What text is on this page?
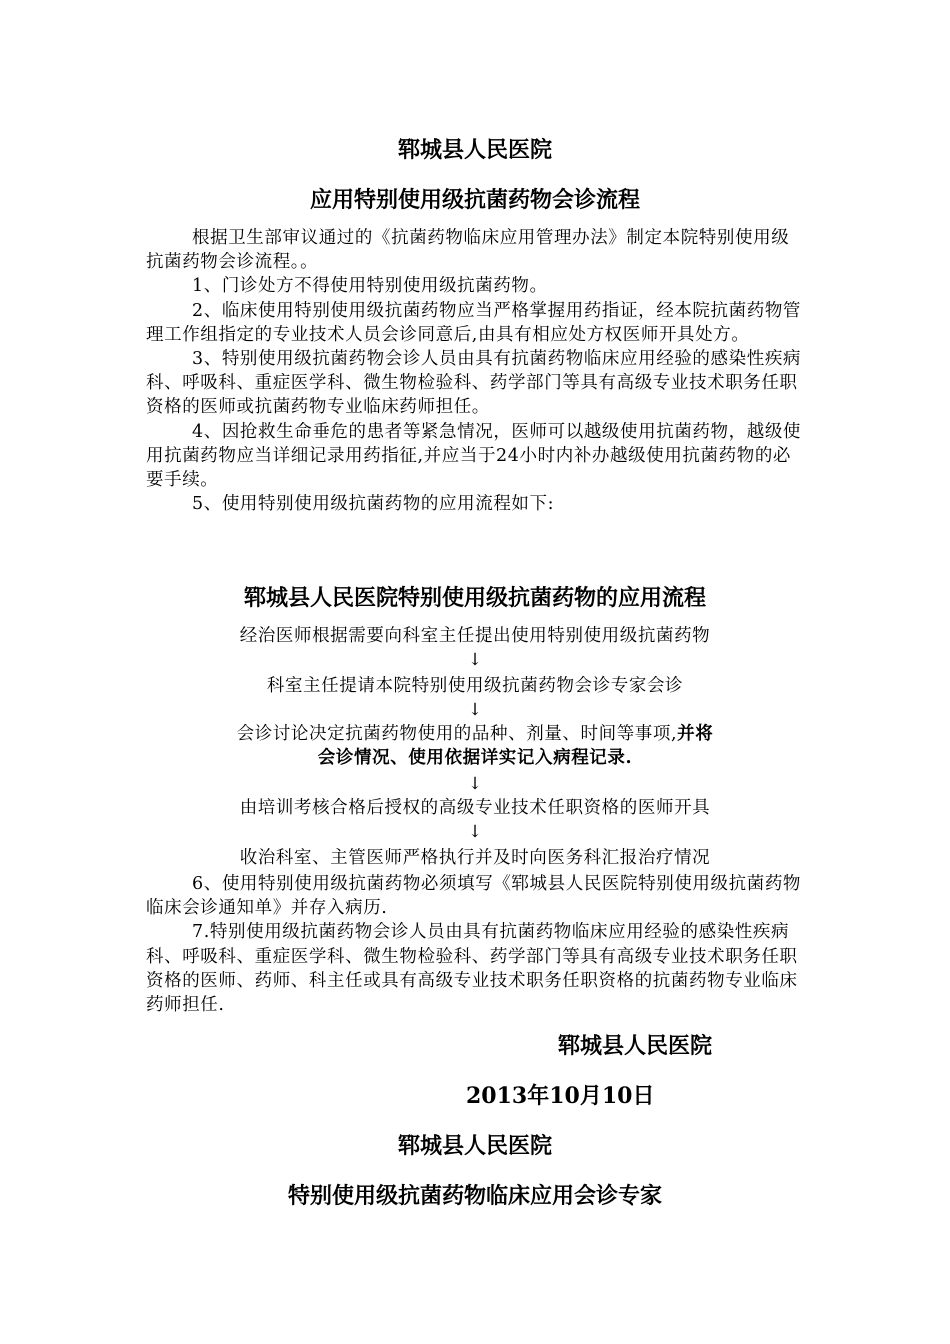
郓城县人民医院
应用特别使用级抗菌药物会诊流程

根据卫生部审议通过的《抗菌药物临床应用管理办法》制定本院特别使用级抗菌药物会诊流程。。

1、门诊处方不得使用特别使用级抗菌药物。

2、临床使用特别使用级抗菌药物应当严格掌握用药指证，经本院抗菌药物管理工作组指定的专业技术人员会诊同意后,由具有相应处方权医师开具处方。

3、特别使用级抗菌药物会诊人员由具有抗菌药物临床应用经验的感染性疾病科、呼吸科、重症医学科、微生物检验科、药学部门等具有高级专业技术职务任职资格的医师或抗菌药物专业临床药师担任。

4、因抢救生命垂危的患者等紧急情况，医师可以越级使用抗菌药物，越级使用抗菌药物应当详细记录用药指征,并应当于24小时内补办越级使用抗菌药物的必要手续。

5、使用特别使用级抗菌药物的应用流程如下:

郓城县人民医院特别使用级抗菌药物的应用流程
经治医师根据需要向科室主任提出使用特别使用级抗菌药物
↓
科室主任提请本院特别使用级抗菌药物会诊专家会诊
↓
会诊讨论决定抗菌药物使用的品种、剂量、时间等事项,并将
会诊情况、使用依据详实记入病程记录.
↓
由培训考核合格后授权的高级专业技术任职资格的医师开具
↓
收治科室、主管医师严格执行并及时向医务科汇报治疗情况

6、使用特别使用级抗菌药物必须填写《郓城县人民医院特别使用级抗菌药物临床会诊通知单》并存入病历.

7.特别使用级抗菌药物会诊人员由具有抗菌药物临床应用经验的感染性疾病科、呼吸科、重症医学科、微生物检验科、药学部门等具有高级专业技术职务任职资格的医师、药师、科主任或具有高级专业技术职务任职资格的抗菌药物专业临床药师担任.

郓城县人民医院
2013年10月10日
郓城县人民医院
特别使用级抗菌药物临床应用会诊专家
